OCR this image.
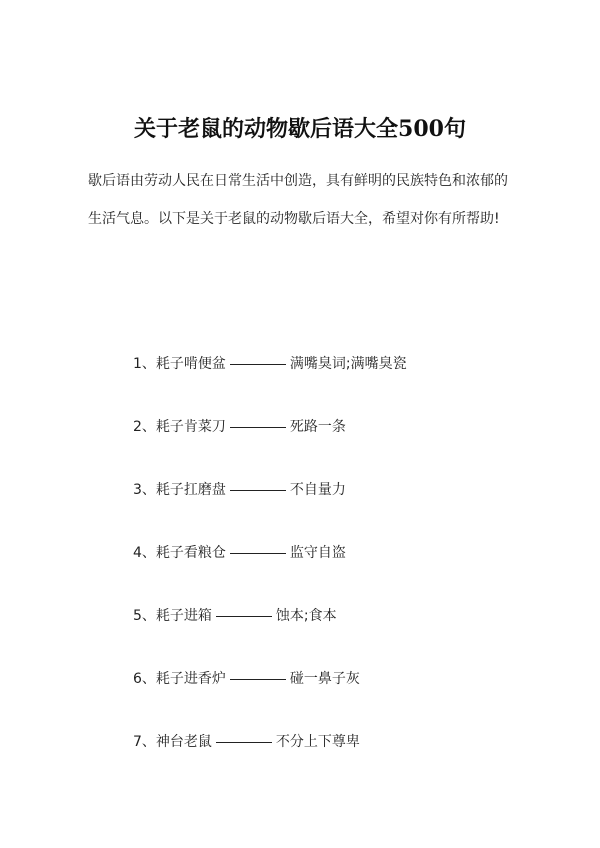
关于老鼠的动物歇后语大全500句
歇后语由劳动人民在日常生活中创造，具有鲜明的民族特色和浓郁的生活气息。以下是关于老鼠的动物歇后语大全，希望对你有所帮助!
1、耗子啃便盆	满嘴臭词;满嘴臭瓷
2、耗子肯菜刀	死路一条
3、耗子扛磨盘	不自量力
4、耗子看粮仓	监守自盗
5、耗子进箱	蚀本;食本
6、耗子进香炉	碰一鼻子灰
7、神台老鼠	不分上下尊卑
